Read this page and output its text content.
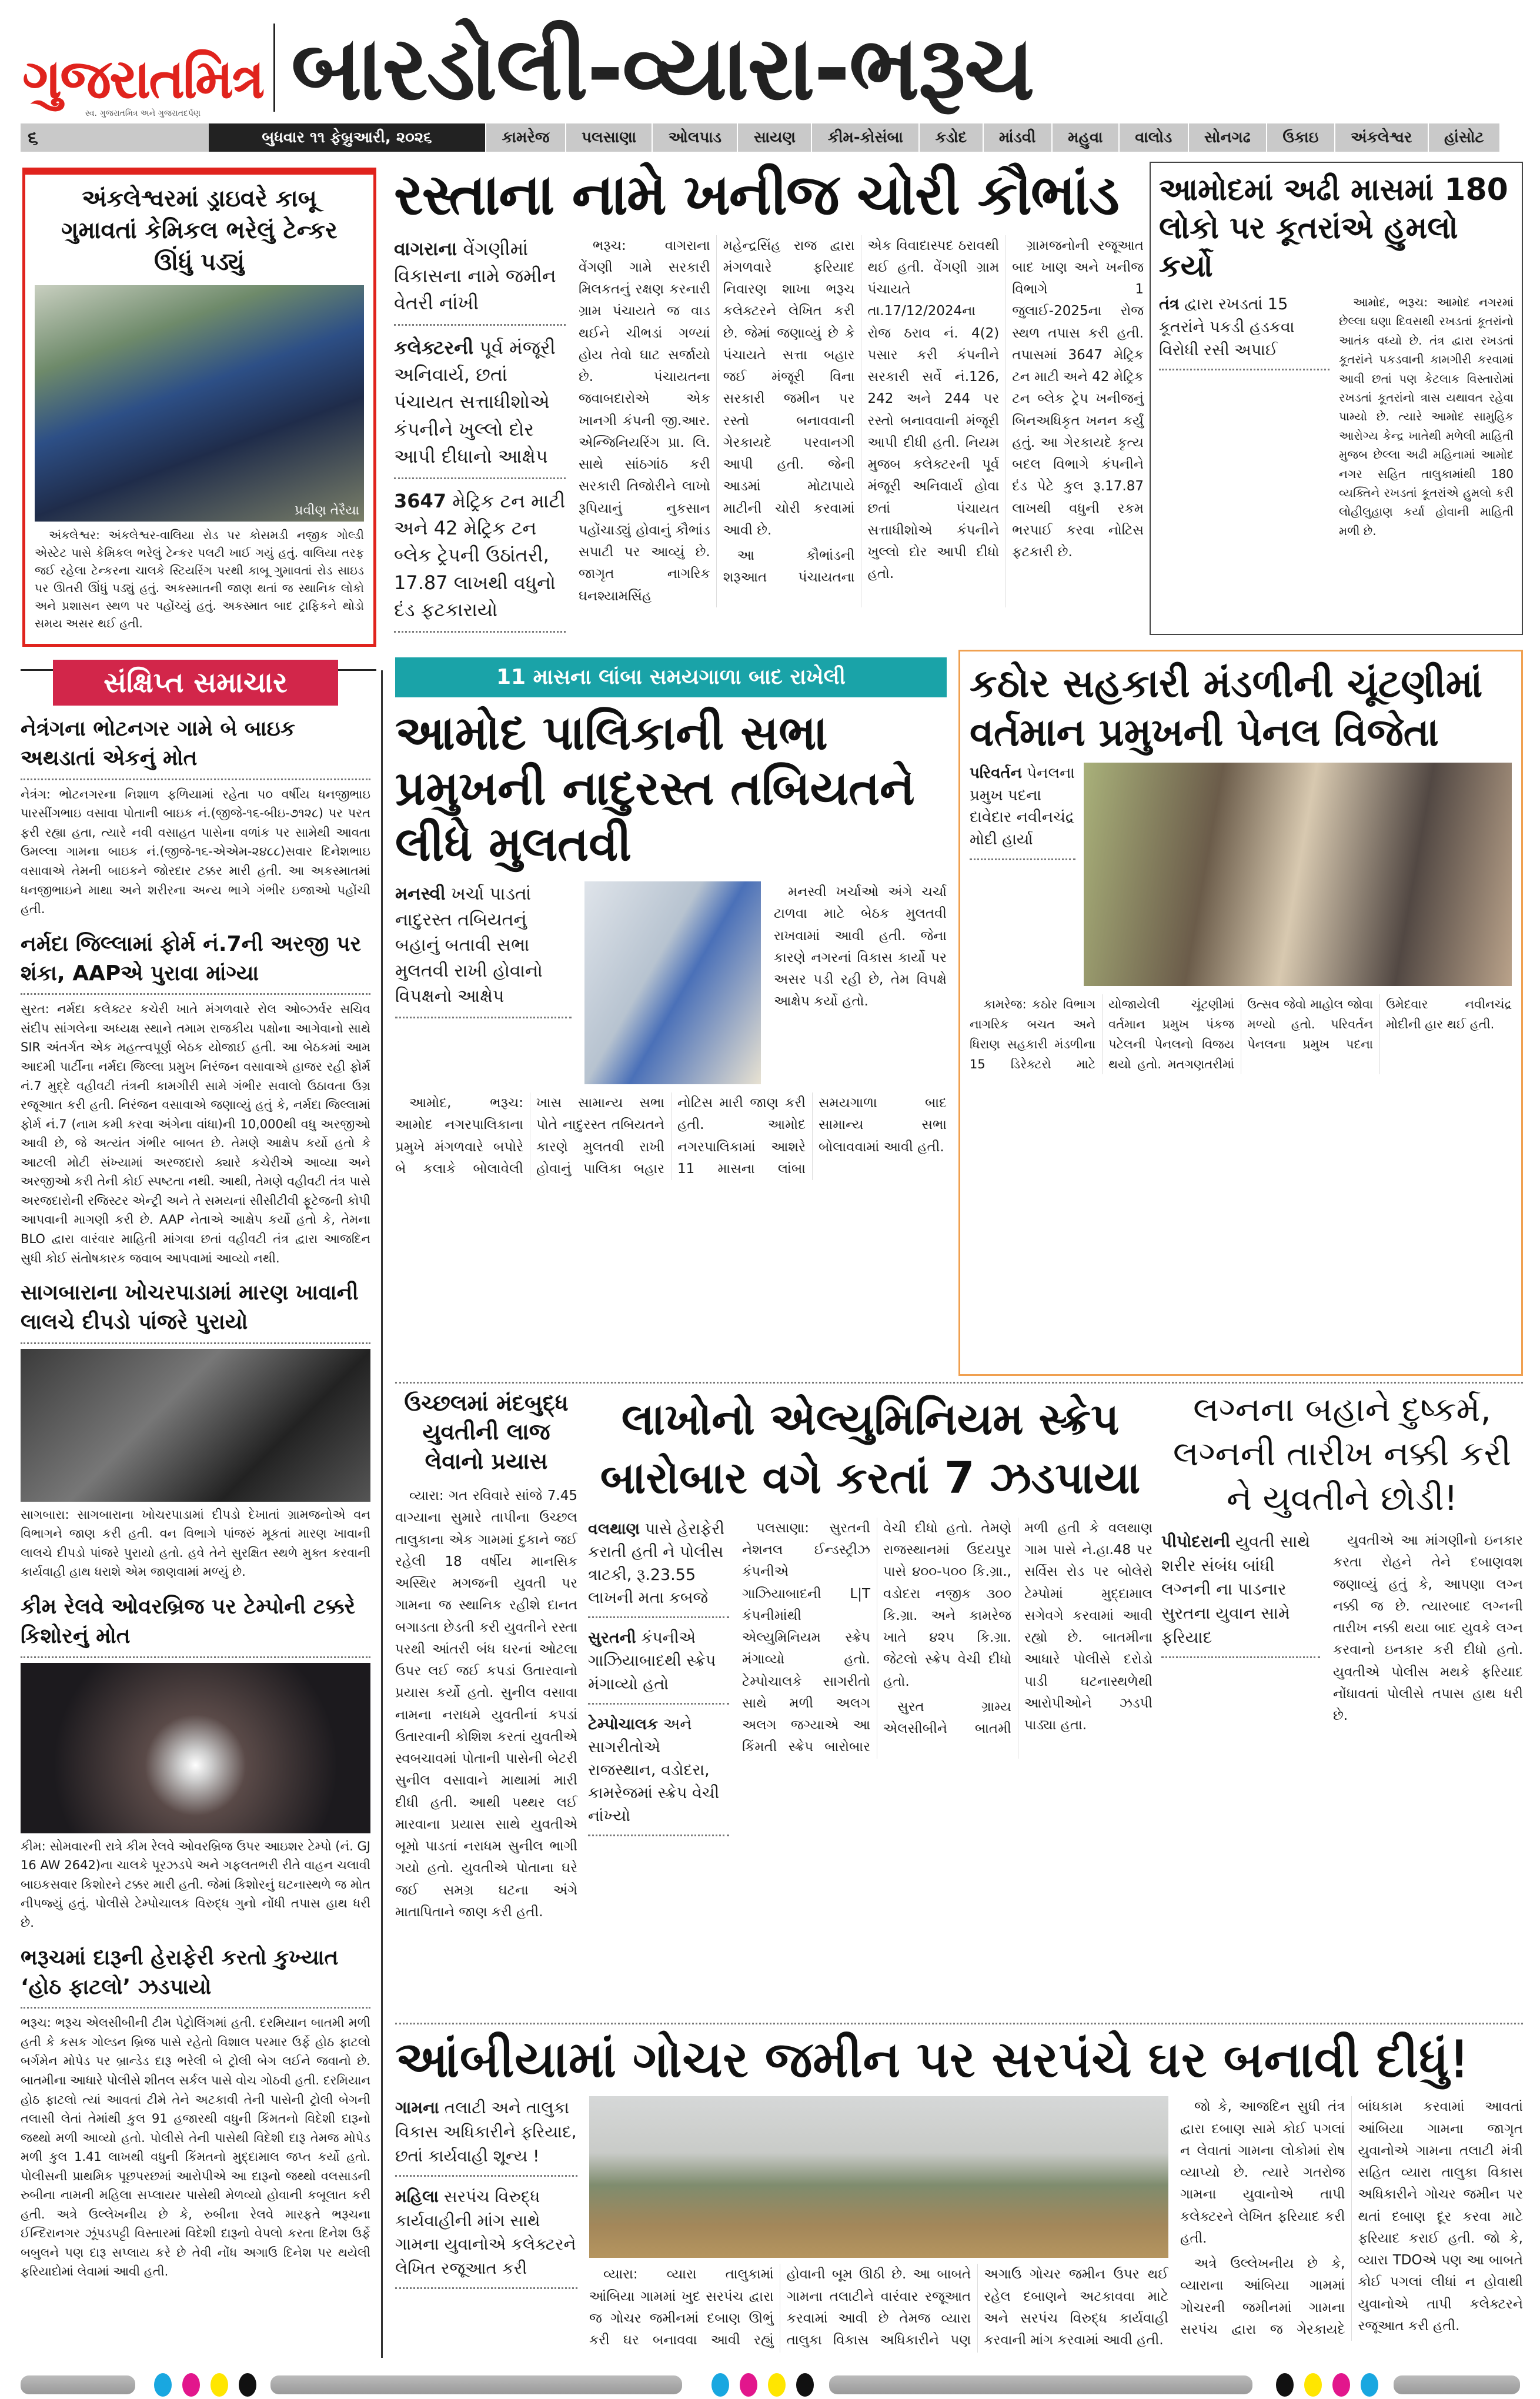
ગુજરાતમિત્ર
સ્વ. ગુજરાતમિત્ર અને ગુજરાતદર્પણ	બારડોલી-વ્યારા-ભરૂચ
૬	બુધવાર ૧૧ ફેબ્રુઆરી, ૨૦૨૬	કામરેજ	પલસાણા	ઓલપાડ	સાયણ	કીમ-કોસંબા	કડોદ	માંડવી	મહુવા	વાલોડ	સોનગઢ	ઉકાઇ	અંકલેશ્વર	હાંસોટ
અંકલેશ્વરમાં ડ્રાઇવરે કાબૂ ગુમાવતાં કેમિકલ ભરેલું ટેન્કર ઊંધું પડ્યું
પ્રવીણ તેરૈયા

અંકલેશ્વર: અંકલેશ્વર-વાલિયા રોડ પર કોસમડી નજીક ગોલ્ડી એસ્ટેટ પાસે કેમિકલ ભરેલું ટેન્કર પલટી ખાઈ ગયું હતું. વાલિયા તરફ જઈ રહેલા ટેન્કરના ચાલકે સ્ટિયરિંગ પરથી કાબૂ ગુમાવતાં રોડ સાઇડ પર ઊતરી ઊંધું પડ્યું હતું. અકસ્માતની જાણ થતાં જ સ્થાનિક લોકો અને પ્રશાસન સ્થળ પર પહોંચ્યું હતું. અકસ્માત બાદ ટ્રાફિકને થોડો સમય અસર થઈ હતી.

રસ્તાના નામે ખનીજ ચોરી કૌભાંડ
વાગરાના વેંગણીમાં વિકાસના નામે જમીન વેતરી નાંખી
કલેક્ટરની પૂર્વ મંજૂરી અનિવાર્ય, છતાં પંચાયત સત્તાધીશોએ કંપનીને ખુલ્લો દોર આપી દીધાનો આક્ષેપ
3647 મેટ્રિક ટન માટી અને 42 મેટ્રિક ટન બ્લેક ટ્રેપની ઉઠાંતરી, 17.87 લાખથી વધુનો દંડ ફટકારાયો

ભરૂચ: વાગરાના વેંગણી ગામે સરકારી મિલકતનું રક્ષણ કરનારી ગ્રામ પંચાયતે જ વાડ થઈને ચીભડાં ગળ્યાં હોય તેવો ઘાટ સર્જાયો છે. પંચાયતના જવાબદારોએ એક ખાનગી કંપની જી.આર. એન્જિનિયરિંગ પ્રા. લિ. સાથે સાંઠગાંઠ કરી સરકારી તિજોરીને લાખો રૂપિયાનું નુકસાન પહોંચાડ્યું હોવાનું કૌભાંડ સપાટી પર આવ્યું છે. જાગૃત નાગરિક ઘનશ્યામસિંહ મહેન્દ્રસિંહ રાજ દ્વારા મંગળવારે ફરિયાદ નિવારણ શાખા ભરૂચ કલેક્ટરને લેખિત કરી છે. જેમાં જણાવ્યું છે કે પંચાયતે સત્તા બહાર જઈ મંજૂરી વિના સરકારી જમીન પર રસ્તો બનાવવાની ગેરકાયદે પરવાનગી આપી હતી. જેની આડમાં મોટાપાયે માટીની ચોરી કરવામાં આવી છે.

આ કૌભાંડની શરૂઆત પંચાયતના એક વિવાદાસ્પદ ઠરાવથી થઈ હતી. વેંગણી ગ્રામ પંચાયતે તા.17/12/2024ના રોજ ઠરાવ નં. 4(2) પસાર કરી કંપનીને સરકારી સર્વે નં.126, 242 અને 244 પર રસ્તો બનાવવાની મંજૂરી આપી દીધી હતી. નિયમ મુજબ કલેક્ટરની પૂર્વ મંજૂરી અનિવાર્ય હોવા છતાં પંચાયત સત્તાધીશોએ કંપનીને ખુલ્લો દોર આપી દીધો હતો.

ગ્રામજનોની રજૂઆત બાદ ખાણ અને ખનીજ વિભાગે 1 જુલાઈ-2025ના રોજ સ્થળ તપાસ કરી હતી. તપાસમાં 3647 મેટ્રિક ટન માટી અને 42 મેટ્રિક ટન બ્લેક ટ્રેપ ખનીજનું બિનઅધિકૃત ખનન કર્યું હતું. આ ગેરકાયદે કૃત્ય બદલ વિભાગે કંપનીને દંડ પેટે કુલ રૂ.17.87 લાખથી વધુની રકમ ભરપાઈ કરવા નોટિસ ફટકારી છે.

આમોદમાં અઢી માસમાં 180 લોકો પર કૂતરાંએ હુમલો કર્યો
તંત્ર દ્વારા રખડતાં 15 કૂતરાંને પકડી હડકવા વિરોધી રસી અપાઈ

આમોદ, ભરૂચ: આમોદ નગરમાં છેલ્લા ઘણા દિવસથી રખડતાં કૂતરાંનો આતંક વધ્યો છે. તંત્ર દ્વારા રખડતાં કૂતરાંને પકડવાની કામગીરી કરવામાં આવી છતાં પણ કેટલાક વિસ્તારોમાં રખડતાં કૂતરાંનો ત્રાસ યથાવત રહેવા પામ્યો છે. ત્યારે આમોદ સામુહિક આરોગ્ય કેન્દ્ર ખાતેથી મળેલી માહિતી મુજબ છેલ્લા અઢી મહિનામાં આમોદ નગર સહિત તાલુકામાંથી 180 વ્યક્તિને રખડતાં કૂતરાંએ હુમલો કરી લોહીલુહાણ કર્યા હોવાની માહિતી મળી છે.

સંક્ષિપ્ત સમાચાર
નેત્રંગના ભોટનગર ગામે બે બાઇક અથડાતાં એકનું મોત
નેત્રંગ: ભોટનગરના નિશાળ ફળિયામાં રહેતા ૫૦ વર્ષીય ધનજીભાઇ પારસીંગભાઇ વસાવા પોતાની બાઇક નં.(જીજે-૧૬-બીઇ-૭૧૨૮) પર પરત ફરી રહ્યા હતા, ત્યારે નવી વસાહત પાસેના વળાંક પર સામેથી આવતા ઉમલ્લા ગામના બાઇક નં.(જીજે-૧૬-એએમ-૨૪૮૮)સવાર દિનેશભાઇ વસાવાએ તેમની બાઇકને જોરદાર ટક્કર મારી હતી. આ અકસ્માતમાં ધનજીભાઇને માથા અને શરીરના અન્ય ભાગે ગંભીર ઇજાઓ પહોંચી હતી.
નર્મદા જિલ્લામાં ફોર્મ નં.7ની અરજી પર શંકા, AAPએ પુરાવા માંગ્યા
સુરત: નર્મદા કલેક્ટર કચેરી ખાતે મંગળવારે રોલ ઓબ્ઝર્વર સચિવ સંદીપ સાંગલેના અધ્યક્ષ સ્થાને તમામ રાજકીય પક્ષોના આગેવાનો સાથે SIR અંતર્ગત એક મહત્ત્વપૂર્ણ બેઠક યોજાઈ હતી. આ બેઠકમાં આમ આદમી પાર્ટીના નર્મદા જિલ્લા પ્રમુખ નિરંજન વસાવાએ હાજર રહી ફોર્મ નં.7 મુદ્દે વહીવટી તંત્રની કામગીરી સામે ગંભીર સવાલો ઉઠાવતા ઉગ્ર રજૂઆત કરી હતી. નિરંજન વસાવાએ જણાવ્યું હતું કે, નર્મદા જિલ્લામાં ફોર્મ નં.7 (નામ કમી કરવા અંગેના વાંધા)ની 10,000થી વધુ અરજીઓ આવી છે, જે અત્યંત ગંભીર બાબત છે. તેમણે આક્ષેપ કર્યો હતો કે આટલી મોટી સંખ્યામાં અરજદારો ક્યારે કચેરીએ આવ્યા અને અરજીઓ કરી તેની કોઈ સ્પષ્ટતા નથી. આથી, તેમણે વહીવટી તંત્ર પાસે અરજદારોની રજિસ્ટર એન્ટ્રી અને તે સમયનાં સીસીટીવી ફૂટેજની કોપી આપવાની માગણી કરી છે. AAP નેતાએ આક્ષેપ કર્યો હતો કે, તેમના BLO દ્વારા વારંવાર માહિતી માંગવા છતાં વહીવટી તંત્ર દ્વારા આજદિન સુધી કોઈ સંતોષકારક જવાબ આપવામાં આવ્યો નથી.
સાગબારાના ખોચરપાડામાં મારણ ખાવાની લાલચે દીપડો પાંજરે પુરાયો
સાગબારા: સાગબારાના ખોચરપાડામાં દીપડો દેખાતાં ગ્રામજનોએ વન વિભાગને જાણ કરી હતી. વન વિભાગે પાંજરું મૂકતાં મારણ ખાવાની લાલચે દીપડો પાંજરે પુરાયો હતો. હવે તેને સુરક્ષિત સ્થળે મુક્ત કરવાની કાર્યવાહી હાથ ધરાશે એમ જાણવામાં મળ્યું છે.
કીમ રેલવે ઓવરબ્રિજ પર ટેમ્પોની ટક્કરે કિશોરનું મોત
કીમ: સોમવારની રાત્રે કીમ રેલવે ઓવરબ્રિજ ઉપર આઇશર ટેમ્પો (નં. GJ 16 AW 2642)ના ચાલકે પૂરઝડપે અને ગફલતભરી રીતે વાહન ચલાવી બાઇકસવાર કિશોરને ટક્કર મારી હતી. જેમાં કિશોરનું ઘટનાસ્થળે જ મોત નીપજ્યું હતું. પોલીસે ટેમ્પોચાલક વિરુદ્ધ ગુનો નોંધી તપાસ હાથ ધરી છે.
ભરૂચમાં દારૂની હેરાફેરી કરતો કુખ્યાત ‘હોઠ ફાટલો’ ઝડપાયો
ભરૂચ: ભરૂચ એલસીબીની ટીમ પેટ્રોલિંગમાં હતી. દરમિયાન બાતમી મળી હતી કે કસક ગોલ્ડન બ્રિજ પાસે રહેતો વિશાલ પરમાર ઉર્ફે હોઠ ફાટલો બર્ગમેન મોપેડ પર બ્રાન્ડેડ દારૂ ભરેલી બે ટ્રોલી બેગ લઈને જવાનો છે. બાતમીના આધારે પોલીસે શીતલ સર્કલ પાસે વોચ ગોઠવી હતી. દરમિયાન હોઠ ફાટલો ત્યાં આવતાં ટીમે તેને અટકાવી તેની પાસેની ટ્રોલી બેગની તલાસી લેતાં તેમાંથી કુલ 91 હજારથી વધુની કિંમતનો વિદેશી દારૂનો જથ્થો મળી આવ્યો હતો. પોલીસે તેની પાસેથી વિદેશી દારૂ તેમજ મોપેડ મળી કુલ 1.41 લાખથી વધુની કિંમતનો મુદ્દામાલ જપ્ત કર્યો હતો. પોલીસની પ્રાથમિક પૂછપરછમાં આરોપીએ આ દારૂનો જથ્થો વલસાડની રુબીના નામની મહિલા સપ્લાયર પાસેથી મેળવ્યો હોવાની કબૂલાત કરી હતી. અત્રે ઉલ્લેખનીય છે કે, રુબીના રેલવે મારફતે ભરૂચના ઈન્દિરાનગર ઝૂંપડપટ્ટી વિસ્તારમાં વિદેશી દારૂનો વેપલો કરતા દિનેશ ઉર્ફે બબુલને પણ દારૂ સપ્લાય કરે છે તેવી નોંધ અગાઉ દિનેશ પર થયેલી ફરિયાદોમાં લેવામાં આવી હતી.
11 માસના લાંબા સમયગાળા બાદ રાખેલી
આમોદ પાલિકાની સભા પ્રમુખની નાદુરસ્ત તબિયતને લીધે મુલતવી
મનસ્વી ખર્ચા પાડતાં નાદુરસ્ત તબિયતનું બહાનું બતાવી સભા મુલતવી રાખી હોવાનો વિપક્ષનો આક્ષેપ

મનસ્વી ખર્ચાઓ અંગે ચર્ચા ટાળવા માટે બેઠક મુલતવી રાખવામાં આવી હતી. જેના કારણે નગરનાં વિકાસ કાર્યો પર અસર પડી રહી છે, તેમ વિપક્ષે આક્ષેપ કર્યો હતો.

આમોદ, ભરૂચ: આમોદ નગરપાલિકાના પ્રમુખે મંગળવારે બપોરે બે કલાકે બોલાવેલી ખાસ સામાન્ય સભા પોતે નાદુરસ્ત તબિયતને કારણે મુલતવી રાખી હોવાનું પાલિકા બહાર નોટિસ મારી જાણ કરી હતી. આમોદ નગરપાલિકામાં આશરે 11 માસના લાંબા સમયગાળા બાદ સામાન્ય સભા બોલાવવામાં આવી હતી.

કઠોર સહકારી મંડળીની ચૂંટણીમાં વર્તમાન પ્રમુખની પેનલ વિજેતા
પરિવર્તન પેનલના પ્રમુખ પદના દાવેદાર નવીનચંદ્ર મોદી હાર્યા

કામરેજ: કઠોર વિભાગ નાગરિક બચત અને ધિરાણ સહકારી મંડળીના 15 ડિરેક્ટરો માટે યોજાયેલી ચૂંટણીમાં વર્તમાન પ્રમુખ પંકજ પટેલની પેનલનો વિજય થયો હતો. મતગણતરીમાં ઉત્સવ જેવો માહોલ જોવા મળ્યો હતો. પરિવર્તન પેનલના પ્રમુખ પદના ઉમેદવાર નવીનચંદ્ર મોદીની હાર થઈ હતી.

ઉચ્છલમાં મંદબુદ્ધ યુવતીની લાજ લેવાનો પ્રયાસ

વ્યારા: ગત રવિવારે સાંજે 7.45 વાગ્યાના સુમારે તાપીના ઉચ્છલ તાલુકાના એક ગામમાં દુકાને જઈ રહેલી 18 વર્ષીય માનસિક અસ્થિર મગજની યુવતી પર ગામના જ સ્થાનિક રહીશે દાનત બગાડતા છેડતી કરી યુવતીને રસ્તા પરથી આંતરી બંધ ઘરનાં ઓટલા ઉપર લઈ જઈ કપડાં ઉતારવાનો પ્રયાસ કર્યો હતો. સુનીલ વસાવા નામના નરાધમે યુવતીનાં કપડાં ઉતારવાની કોશિશ કરતાં યુવતીએ સ્વબચાવમાં પોતાની પાસેની બેટરી સુનીલ વસાવાને માથામાં મારી દીધી હતી. આથી પથ્થર લઈ મારવાના પ્રયાસ સાથે યુવતીએ બૂમો પાડતાં નરાધમ સુનીલ ભાગી ગયો હતો. યુવતીએ પોતાના ઘરે જઈ સમગ્ર ઘટના અંગે માતાપિતાને જાણ કરી હતી.

લાખોનો એલ્યુમિનિયમ સ્ક્રેપ બારોબાર વગે કરતાં 7 ઝડપાયા
વલથાણ પાસે હેરાફેરી કરાતી હતી ને પોલીસ ત્રાટકી, રૂ.23.55 લાખની મતા કબજે
સુરતની કંપનીએ ગાઝિયાબાદથી સ્ક્રેપ મંગાવ્યો હતો
ટેમ્પોચાલક અને સાગરીતોએ રાજસ્થાન, વડોદરા, કામરેજમાં સ્ક્રેપ વેચી નાંખ્યો

પલસાણા: સુરતની નેશનલ ઈન્ડસ્ટ્રીઝ કંપનીએ ગાઝિયાબાદની L|T કંપનીમાંથી એલ્યુમિનિયમ સ્ક્રેપ મંગાવ્યો હતો. ટેમ્પોચાલકે સાગરીતો સાથે મળી અલગ અલગ જગ્યાએ આ કિંમતી સ્ક્રેપ બારોબાર વેચી દીધો હતો. તેમણે રાજસ્થાનમાં ઉદયપુર પાસે ૪૦૦-૫૦૦ કિ.ગ્રા., વડોદરા નજીક ૩૦૦ કિ.ગ્રા. અને કામરેજ ખાતે ૪૨૫ કિ.ગ્રા. જેટલો સ્ક્રેપ વેચી દીધો હતો.

સુરત ગ્રામ્ય એલસીબીને બાતમી મળી હતી કે વલથાણ ગામ પાસે ને.હા.48 પર સર્વિસ રોડ પર બોલેરો ટેમ્પોમાં મુદ્દામાલ સગેવગે કરવામાં આવી રહ્યો છે. બાતમીના આધારે પોલીસે દરોડો પાડી ઘટનાસ્થળેથી આરોપીઓને ઝડપી પાડ્યા હતા.

લગ્નના બહાને દુષ્કર્મ, લગ્નની તારીખ નક્કી કરી ને યુવતીને છોડી!
પીપોદરાની યુવતી સાથે શરીર સંબંધ બાંધી લગ્નની ના પાડનાર સુરતના યુવાન સામે ફરિયાદ

યુવતીએ આ માંગણીનો ઇનકાર કરતા રોહને તેને દબાણવશ જણાવ્યું હતું કે, આપણા લગ્ન નક્કી જ છે. ત્યારબાદ લગ્નની તારીખ નક્કી થયા બાદ યુવકે લગ્ન કરવાનો ઇનકાર કરી દીધો હતો. યુવતીએ પોલીસ મથકે ફરિયાદ નોંધાવતાં પોલીસે તપાસ હાથ ધરી છે.

આંબીયામાં ગોચર જમીન પર સરપંચે ઘર બનાવી દીધું!
ગામના તલાટી અને તાલુકા વિકાસ અધિકારીને ફરિયાદ, છતાં કાર્યવાહી શૂન્ય !
મહિલા સરપંચ વિરુદ્ધ કાર્યવાહીની માંગ સાથે ગામના યુવાનોએ કલેક્ટરને લેખિત રજૂઆત કરી	વ્યારા: વ્યારા તાલુકામાં આંબિયા ગામમાં ખુદ સરપંચ દ્વારા જ ગોચર જમીનમાં દબાણ ઊભું કરી ઘર બનાવવા આવી રહ્યું હોવાની બૂમ ઊઠી છે. આ બાબતે ગામના તલાટીને વારંવાર રજૂઆત કરવામાં આવી છે તેમજ વ્યારા તાલુકા વિકાસ અધિકારીને પણ અગાઉ ગોચર જમીન ઉપર થઈ રહેલ દબાણને અટકાવવા માટે અને સરપંચ વિરુદ્ધ કાર્યવાહી કરવાની માંગ કરવામાં આવી હતી.

જો કે, આજદિન સુધી તંત્ર દ્વારા દબાણ સામે કોઈ પગલાં ન લેવાતાં ગામના લોકોમાં રોષ વ્યાપ્યો છે. ત્યારે ગતરોજ ગામના યુવાનોએ તાપી કલેક્ટરને લેખિત ફરિયાદ કરી હતી.

અત્રે ઉલ્લેખનીય છે કે, વ્યારાના આંબિયા ગામમાં ગોચરની જમીનમાં ગામના સરપંચ દ્વારા જ ગેરકાયદે બાંધકામ કરવામાં આવતાં આંબિયા ગામના જાગૃત યુવાનોએ ગામના તલાટી મંત્રી સહિત વ્યારા તાલુકા વિકાસ અધિકારીને ગોચર જમીન પર થતાં દબાણ દૂર કરવા માટે ફરિયાદ કરાઈ હતી. જો કે, વ્યારા TDOએ પણ આ બાબતે કોઈ પગલાં લીધાં ન હોવાથી યુવાનોએ તાપી કલેક્ટરને રજૂઆત કરી હતી.
